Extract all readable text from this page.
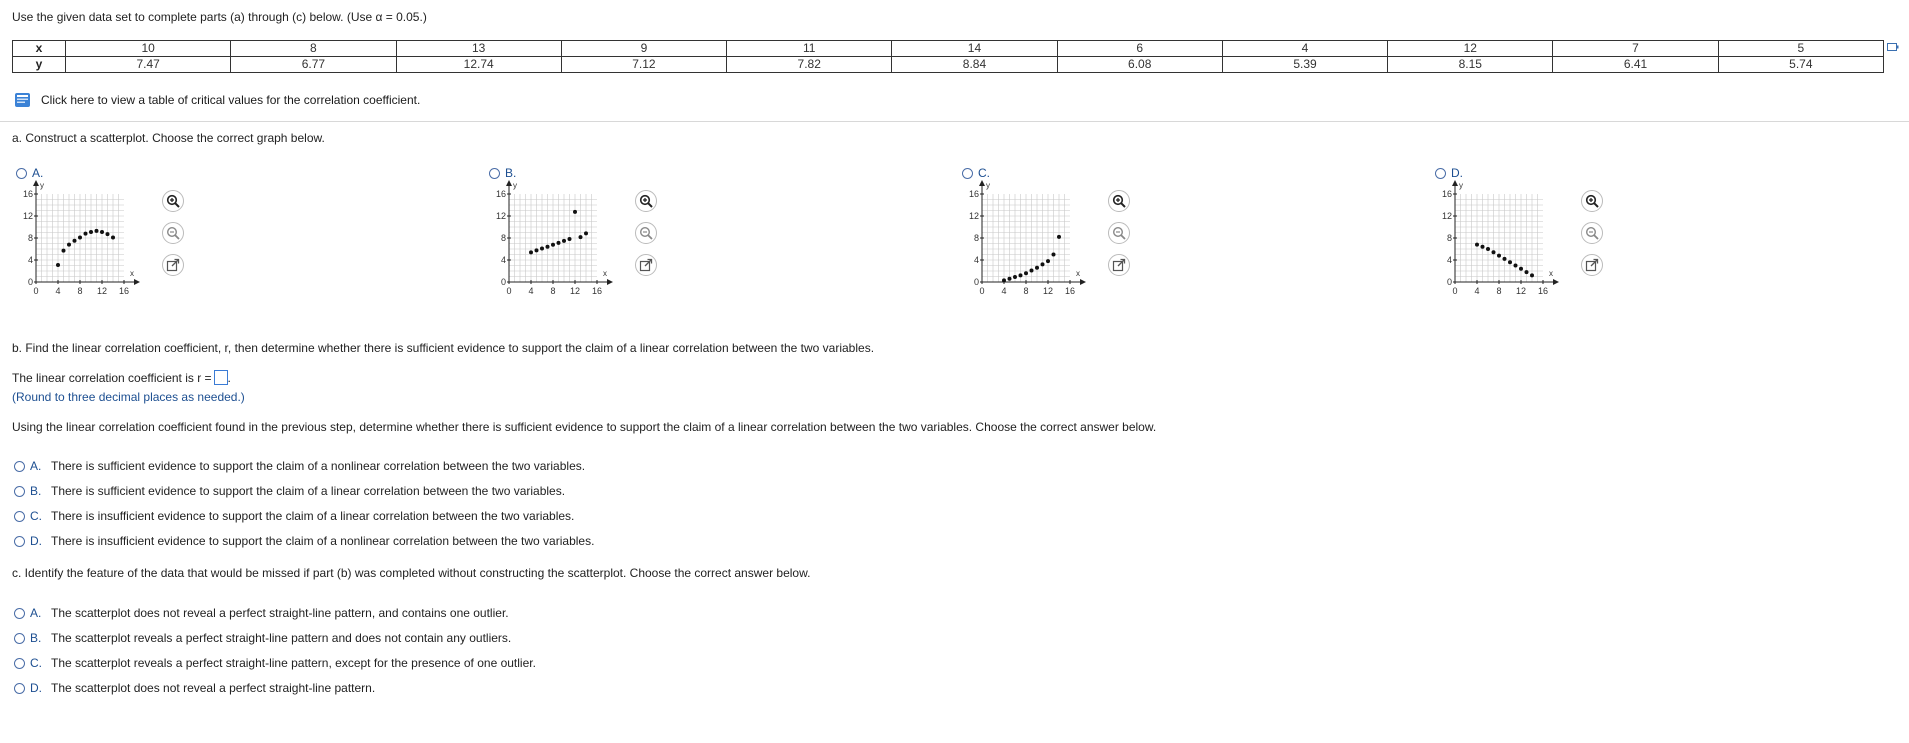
Use the given data set to complete parts (a) through (c) below. (Use α = 0.05.)
x	10	8	13	9	11	14	6	4	12	7	5
y	7.47	6.77	12.74	7.12	7.82	8.84	6.08	5.39	8.15	6.41	5.74
Click here to view a table of critical values for the correlation coefficient.
a. Construct a scatterplot. Choose the correct graph below.
A.
0 4 8 12 16
16
12
8
4
0
x
y
B.
0 4 8 12 16
16
12
8
4
0
x
y
C.
0 4 8 12 16
16
12
8
4
0
x
y
D.
0 4 8 12 16
16
12
8
4
0
x
y
b. Find the linear correlation coefficient, r, then determine whether there is sufficient evidence to support the claim of a linear correlation between the two variables.
The linear correlation coefficient is r = .
(Round to three decimal places as needed.)
Using the linear correlation coefficient found in the previous step, determine whether there is sufficient evidence to support the claim of a linear correlation between the two variables. Choose the correct answer below.
A. There is sufficient evidence to support the claim of a nonlinear correlation between the two variables.
B. There is sufficient evidence to support the claim of a linear correlation between the two variables.
C. There is insufficient evidence to support the claim of a linear correlation between the two variables.
D. There is insufficient evidence to support the claim of a nonlinear correlation between the two variables.
c. Identify the feature of the data that would be missed if part (b) was completed without constructing the scatterplot. Choose the correct answer below.
A. The scatterplot does not reveal a perfect straight-line pattern, and contains one outlier.
B. The scatterplot reveals a perfect straight-line pattern and does not contain any outliers.
C. The scatterplot reveals a perfect straight-line pattern, except for the presence of one outlier.
D. The scatterplot does not reveal a perfect straight-line pattern.
